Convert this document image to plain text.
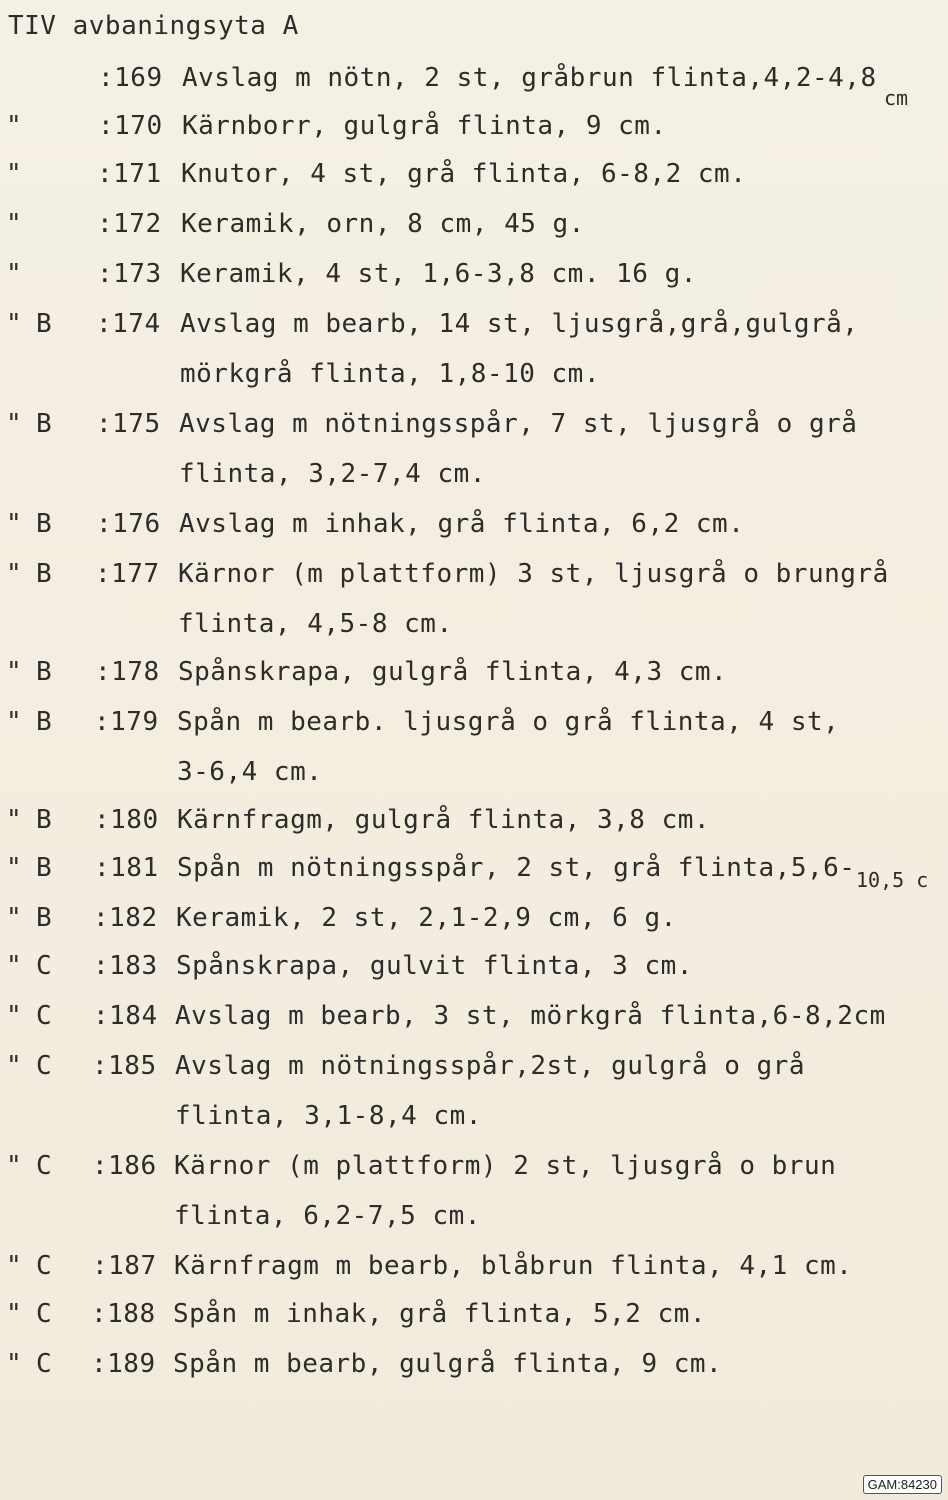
TIV avbaningsyta A
:169 Avslag m nötn, 2 st, gråbrun flinta,4,2-4,8
cm
"	:170 Kärnborr, gulgrå flinta, 9 cm.
"	:171 Knutor, 4 st, grå flinta, 6-8,2 cm.
"	:172 Keramik, orn, 8 cm, 45 g.
"	:173 Keramik, 4 st, 1,6-3,8 cm. 16 g.
" B	:174 Avslag m bearb, 14 st, ljusgrå,grå,gulgrå,
mörkgrå flinta, 1,8-10 cm.
" B	:175 Avslag m nötningsspår, 7 st, ljusgrå o grå
flinta, 3,2-7,4 cm.
" B	:176 Avslag m inhak, grå flinta, 6,2 cm.
" B	:177 Kärnor (m plattform) 3 st, ljusgrå o brungrå
flinta, 4,5-8 cm.
" B	:178 Spånskrapa, gulgrå flinta, 4,3 cm.
" B	:179 Spån m bearb. ljusgrå o grå flinta, 4 st,
3-6,4 cm.
" B	:180 Kärnfragm, gulgrå flinta, 3,8 cm.
" B	:181 Spån m nötningsspår, 2 st, grå flinta,5,6- 10,5 c
" B	:182 Keramik, 2 st, 2,1-2,9 cm, 6 g.
" C	:183 Spånskrapa, gulvit flinta, 3 cm.
" C	:184 Avslag m bearb, 3 st, mörkgrå flinta,6-8,2cm
" C	:185 Avslag m nötningsspår,2st, gulgrå o grå
flinta, 3,1-8,4 cm.
" C	:186 Kärnor (m plattform) 2 st, ljusgrå o brun
flinta, 6,2-7,5 cm.
" C	:187 Kärnfragm m bearb, blåbrun flinta, 4,1 cm.
" C	:188 Spån m inhak, grå flinta, 5,2 cm.
" C	:189 Spån m bearb, gulgrå flinta, 9 cm.
GAM:84230
